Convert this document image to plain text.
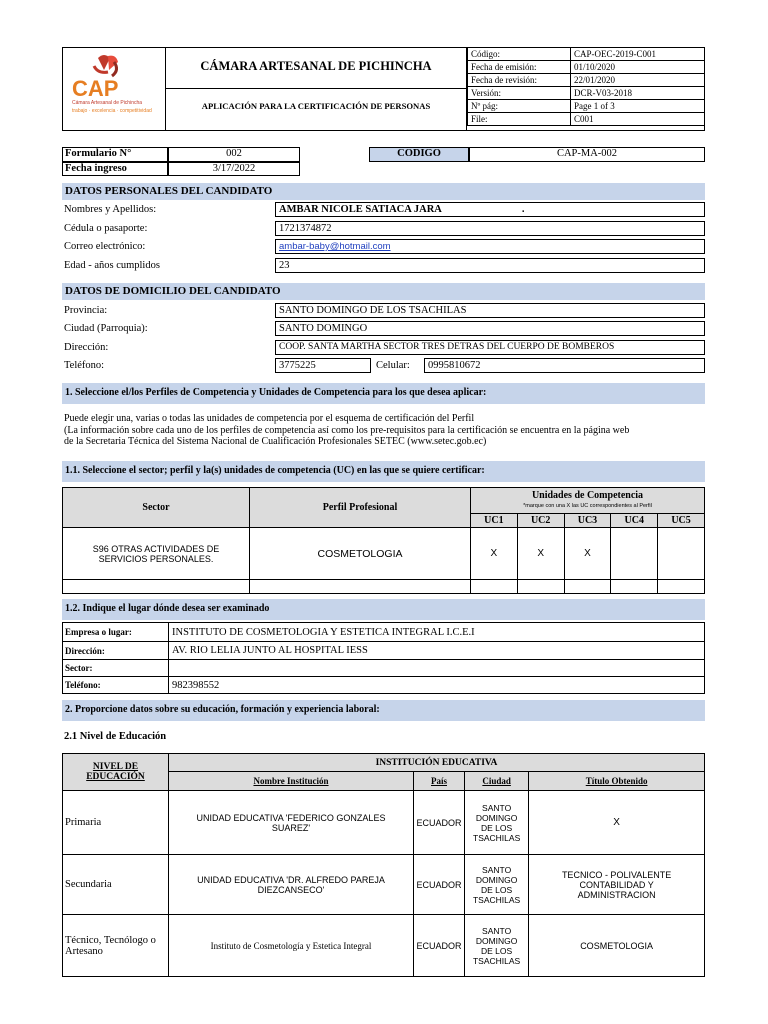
CAP
Cámara Artesanal de Pichincha
trabajo · excelencia · competitividad
CÁMARA ARTESANAL DE PICHINCHA
APLICACIÓN PARA LA CERTIFICACIÓN DE PERSONAS
Código:	CAP-OEC-2019-C001
Fecha de emisión:	01/10/2020
Fecha de revisión:	22/01/2020
Versión:	DCR-V03-2018
Nº pág:	Page 1 of 3
File:	C001
Formulario N°	002
Fecha ingreso	3/17/2022
CODIGO	CAP-MA-002
DATOS PERSONALES DEL CANDIDATO
Nombres y Apellidos:	AMBAR NICOLE SATIACA JARA	.
Cédula o pasaporte:	1721374872
Correo electrónico:	ambar-baby@hotmail.com
Edad - años cumplidos	23
DATOS DE DOMICILIO DEL CANDIDATO
Provincia:	SANTO DOMINGO DE LOS TSACHILAS
Ciudad (Parroquia):	SANTO DOMINGO
Dirección:	COOP. SANTA MARTHA SECTOR TRES DETRAS DEL CUERPO DE BOMBEROS
Teléfono:	3775225	Celular:	0995810672
1. Seleccione el/los Perfiles de Competencia y Unidades de Competencia para los que desea aplicar:
Puede elegir una, varias o todas las unidades de competencia por el esquema de certificación del Perfil
(La información sobre cada uno de los perfiles de competencia así como los pre-requisitos para la certificación se encuentra en la página web
de la Secretaria Técnica del Sistema Nacional de Cualificación Profesionales SETEC (www.setec.gob.ec)
1.1. Seleccione el sector; perfil y la(s) unidades de competencia (UC) en las que se quiere certificar:
Sector	Perfil Profesional	Unidades de Competencia
*marque con una X las UC correspondientes al Perfil				

		UC1	UC2	UC3	UC4	UC5
S96 OTRAS ACTIVIDADES DE SERVICIOS PERSONALES.	COSMETOLOGIA	X	X	X		

1.2. Indique el lugar dónde desea ser examinado
Empresa o lugar:	INSTITUTO DE COSMETOLOGIA Y ESTETICA INTEGRAL I.C.E.I
Dirección:	AV. RIO LELIA JUNTO AL HOSPITAL IESS
Sector:	
Teléfono:	982398552
2. Proporcione datos sobre su educación, formación y experiencia laboral:
2.1 Nivel de Educación
NIVEL DE EDUCACIÓN	INSTITUCIÓN EDUCATIVA			
	Nombre Institución	País	Ciudad	Título Obtenido
Primaria	UNIDAD EDUCATIVA 'FEDERICO GONZALES SUAREZ'	ECUADOR	SANTO DOMINGO DE LOS TSACHILAS	X
Secundaria	UNIDAD EDUCATIVA 'DR. ALFREDO PAREJA DIEZCANSECO'	ECUADOR	SANTO DOMINGO DE LOS TSACHILAS	TECNICO - POLIVALENTE CONTABILIDAD Y ADMINISTRACION
Técnico, Tecnólogo o Artesano	Instituto de Cosmetología y Estetica Integral	ECUADOR	SANTO DOMINGO DE LOS TSACHILAS	COSMETOLOGIA
